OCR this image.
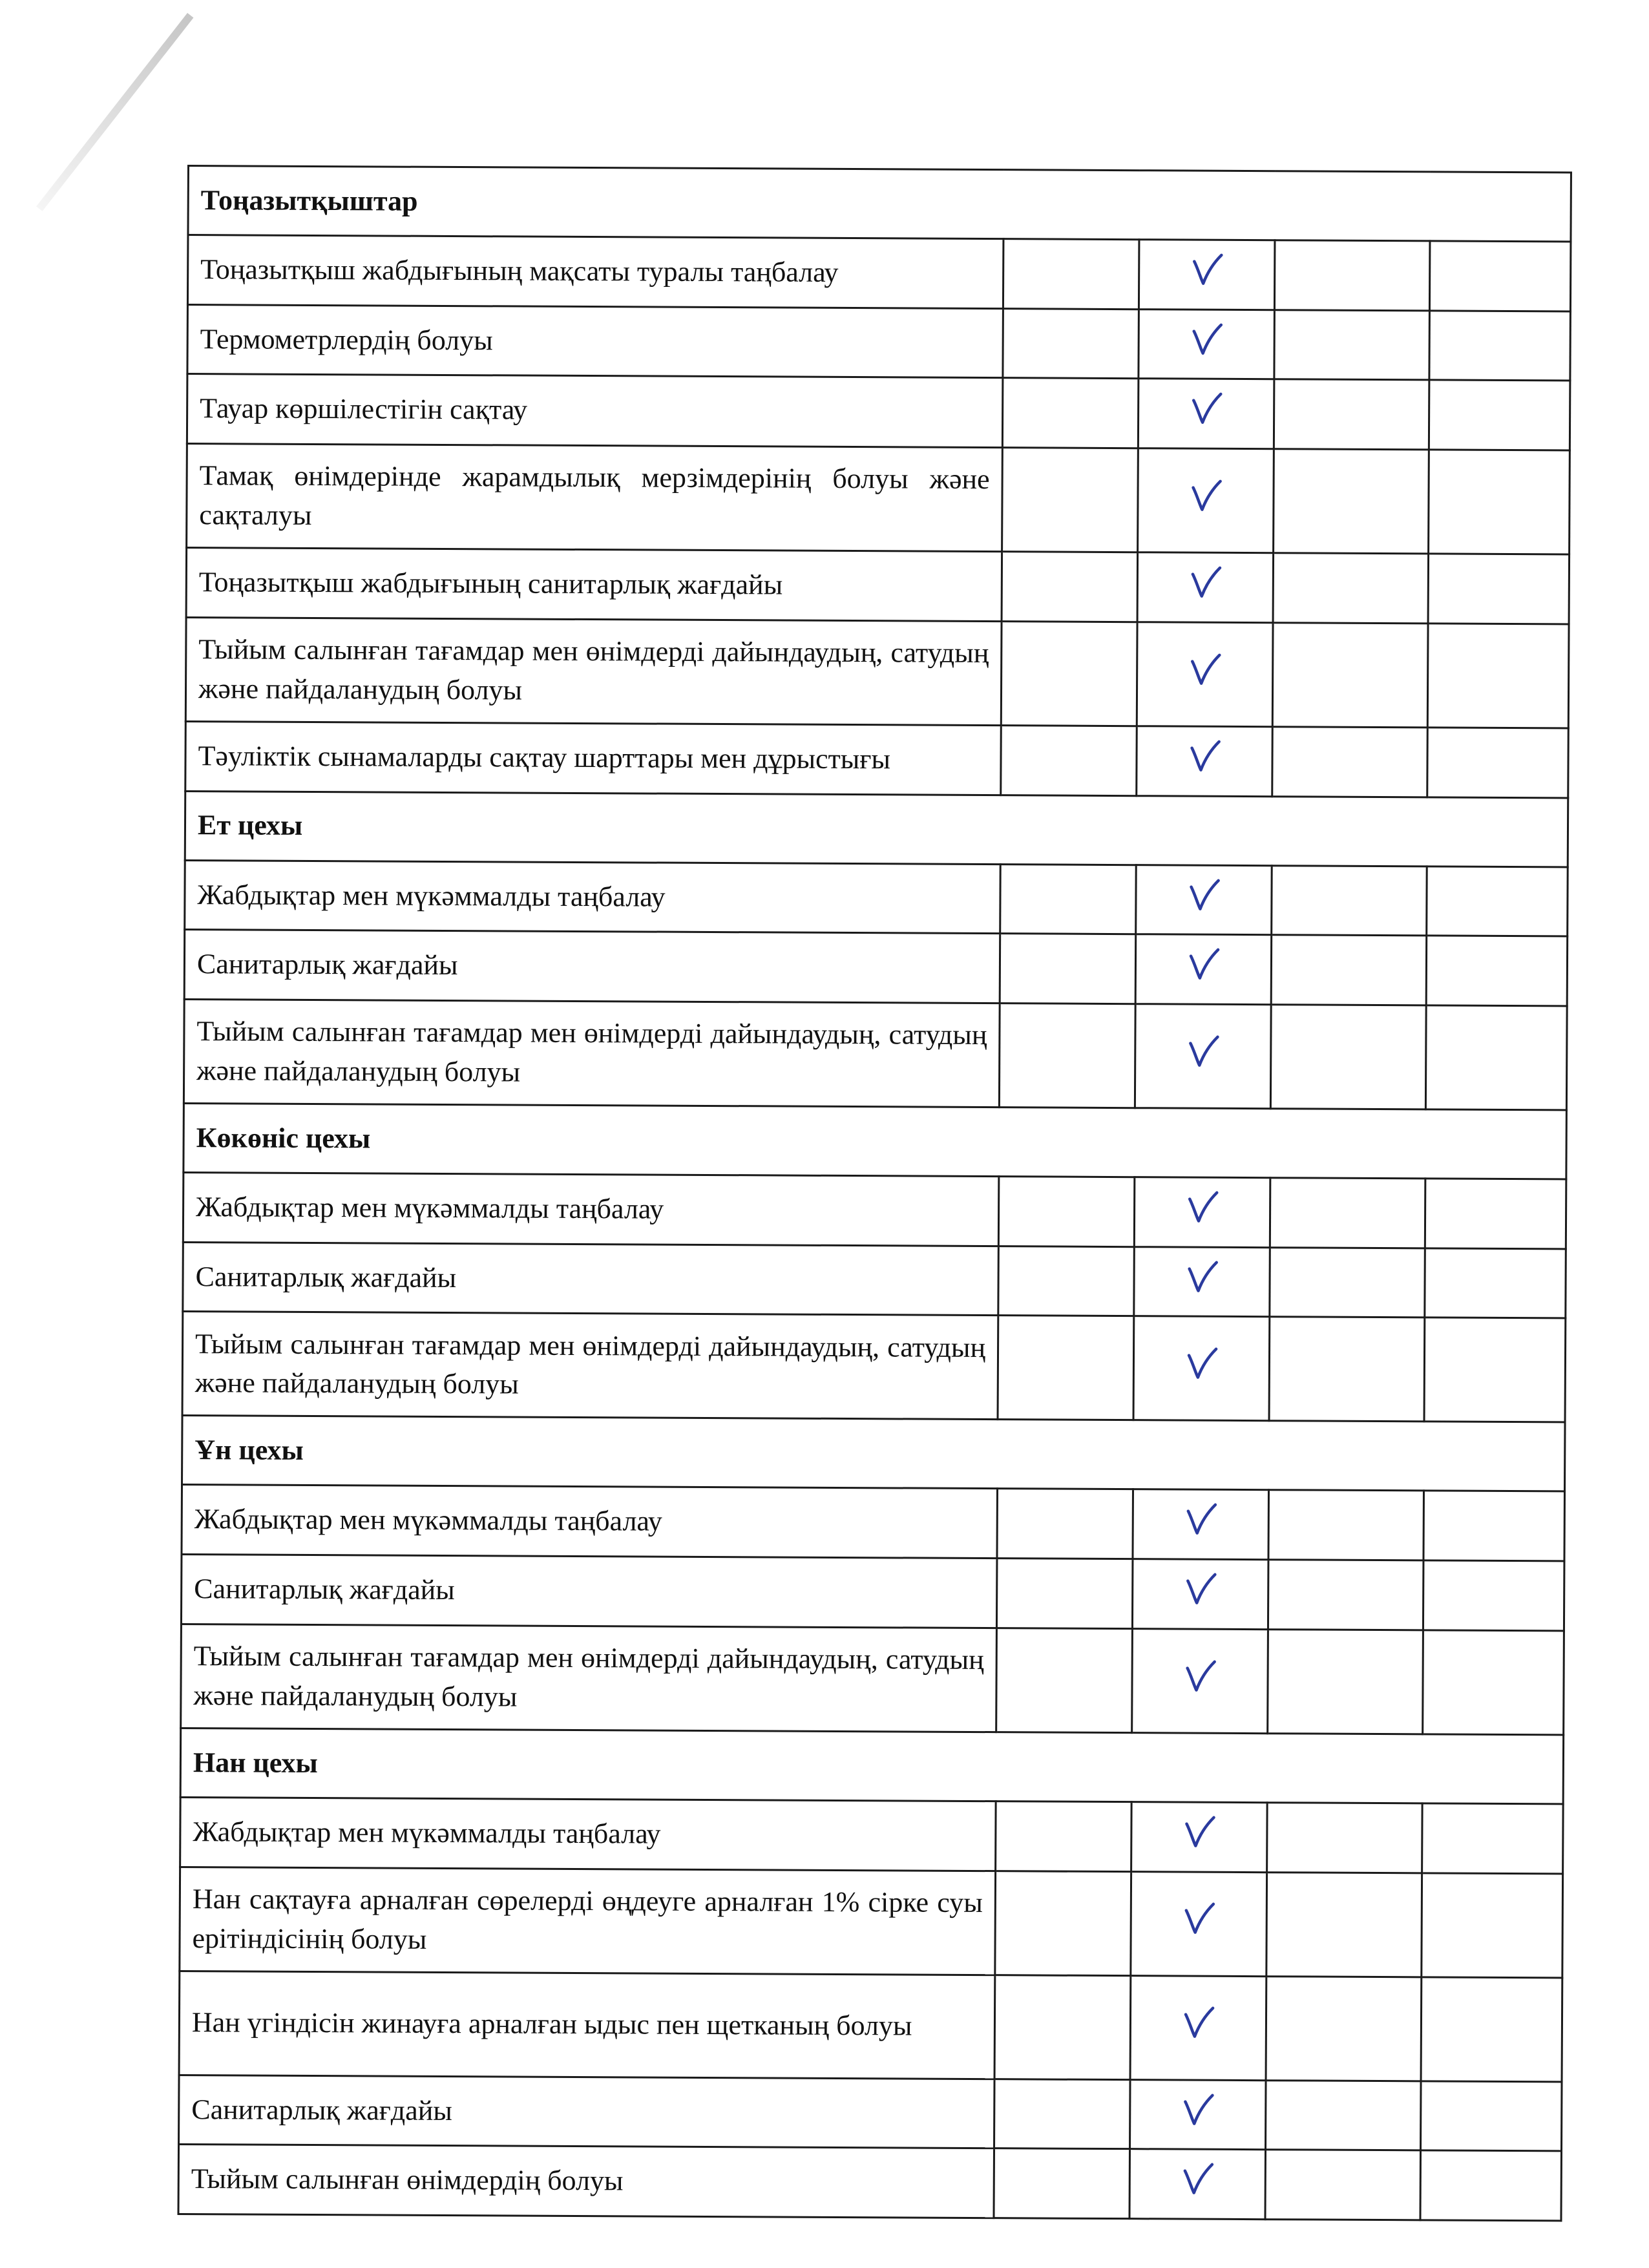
Тоңазытқыштар				
Тоңазытқыш жабдығының мақсаты туралы таңбалау		

Термометрлердің болуы		

Тауар көршілестігін сақтау		

Тамақ өнімдерінде жарамдылық мерзімдерінің болуы және сақталуы		

Тоңазытқыш жабдығының санитарлық жағдайы		

Тыйым салынған тағамдар мен өнімдерді дайындаудың, сатудың және пайдаланудың болуы		

Тәуліктік сынамаларды сақтау шарттары мен дұрыстығы		

Ет цехы				
Жабдықтар мен мүкәммалды таңбалау		

Санитарлық жағдайы		

Тыйым салынған тағамдар мен өнімдерді дайындаудың, сатудың және пайдаланудың болуы		

Көкөніс цехы				
Жабдықтар мен мүкәммалды таңбалау		

Санитарлық жағдайы		

Тыйым салынған тағамдар мен өнімдерді дайындаудың, сатудың және пайдаланудың болуы		

Ұн цехы				
Жабдықтар мен мүкәммалды таңбалау		

Санитарлық жағдайы		

Тыйым салынған тағамдар мен өнімдерді дайындаудың, сатудың және пайдаланудың болуы		

Нан цехы				
Жабдықтар мен мүкәммалды таңбалау		

Нан сақтауға арналған сөрелерді өңдеуге арналған 1% сірке суы ерітіндісінің болуы		

Нан үгіндісін жинауға арналған ыдыс пен щетканың болуы		

Санитарлық жағдайы		

Тыйым салынған өнімдердің болуы		
